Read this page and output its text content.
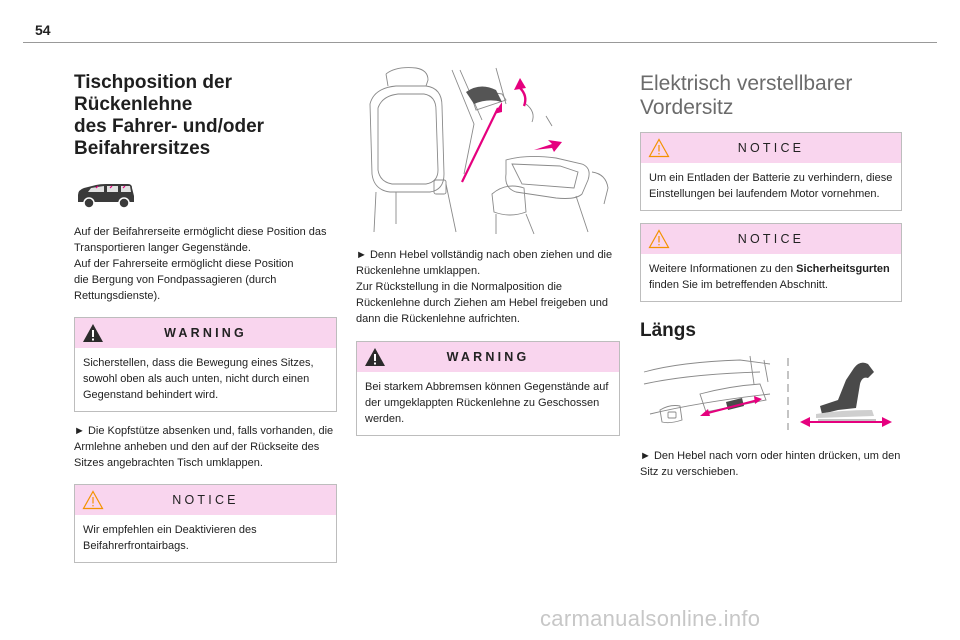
54
Tischposition der Rückenlehne
des Fahrer- und/oder
Beifahrersitzes
Auf der Beifahrerseite ermöglicht diese Position das
Transportieren langer Gegenstände.
Auf der Fahrerseite ermöglicht diese Position
die Bergung von Fondpassagieren (durch
Rettungsdienste).
WARNING
Sicherstellen, dass die Bewegung eines Sitzes,
sowohl oben als auch unten, nicht durch einen
Gegenstand behindert wird.
► Die Kopfstütze absenken und, falls vorhanden, die
Armlehne anheben und den auf der Rückseite des
Sitzes angebrachten Tisch umklappen.
NOTICE
Wir empfehlen ein Deaktivieren des
Beifahrerfrontairbags.
► Denn Hebel vollständig nach oben ziehen und die
Rückenlehne umklappen.
Zur Rückstellung in die Normalposition die
Rückenlehne durch Ziehen am Hebel freigeben und
dann die Rückenlehne aufrichten.
WARNING
Bei starkem Abbremsen können Gegenstände auf
der umgeklappten Rückenlehne zu Geschossen
werden.
Elektrisch verstellbarer
Vordersitz
NOTICE
Um ein Entladen der Batterie zu verhindern, diese
Einstellungen bei laufendem Motor vornehmen.
NOTICE
Weitere Informationen zu den Sicherheitsgurten
finden Sie im betreffenden Abschnitt.
Längs
► Den Hebel nach vorn oder hinten drücken, um den
Sitz zu verschieben.
carmanualsonline.info
